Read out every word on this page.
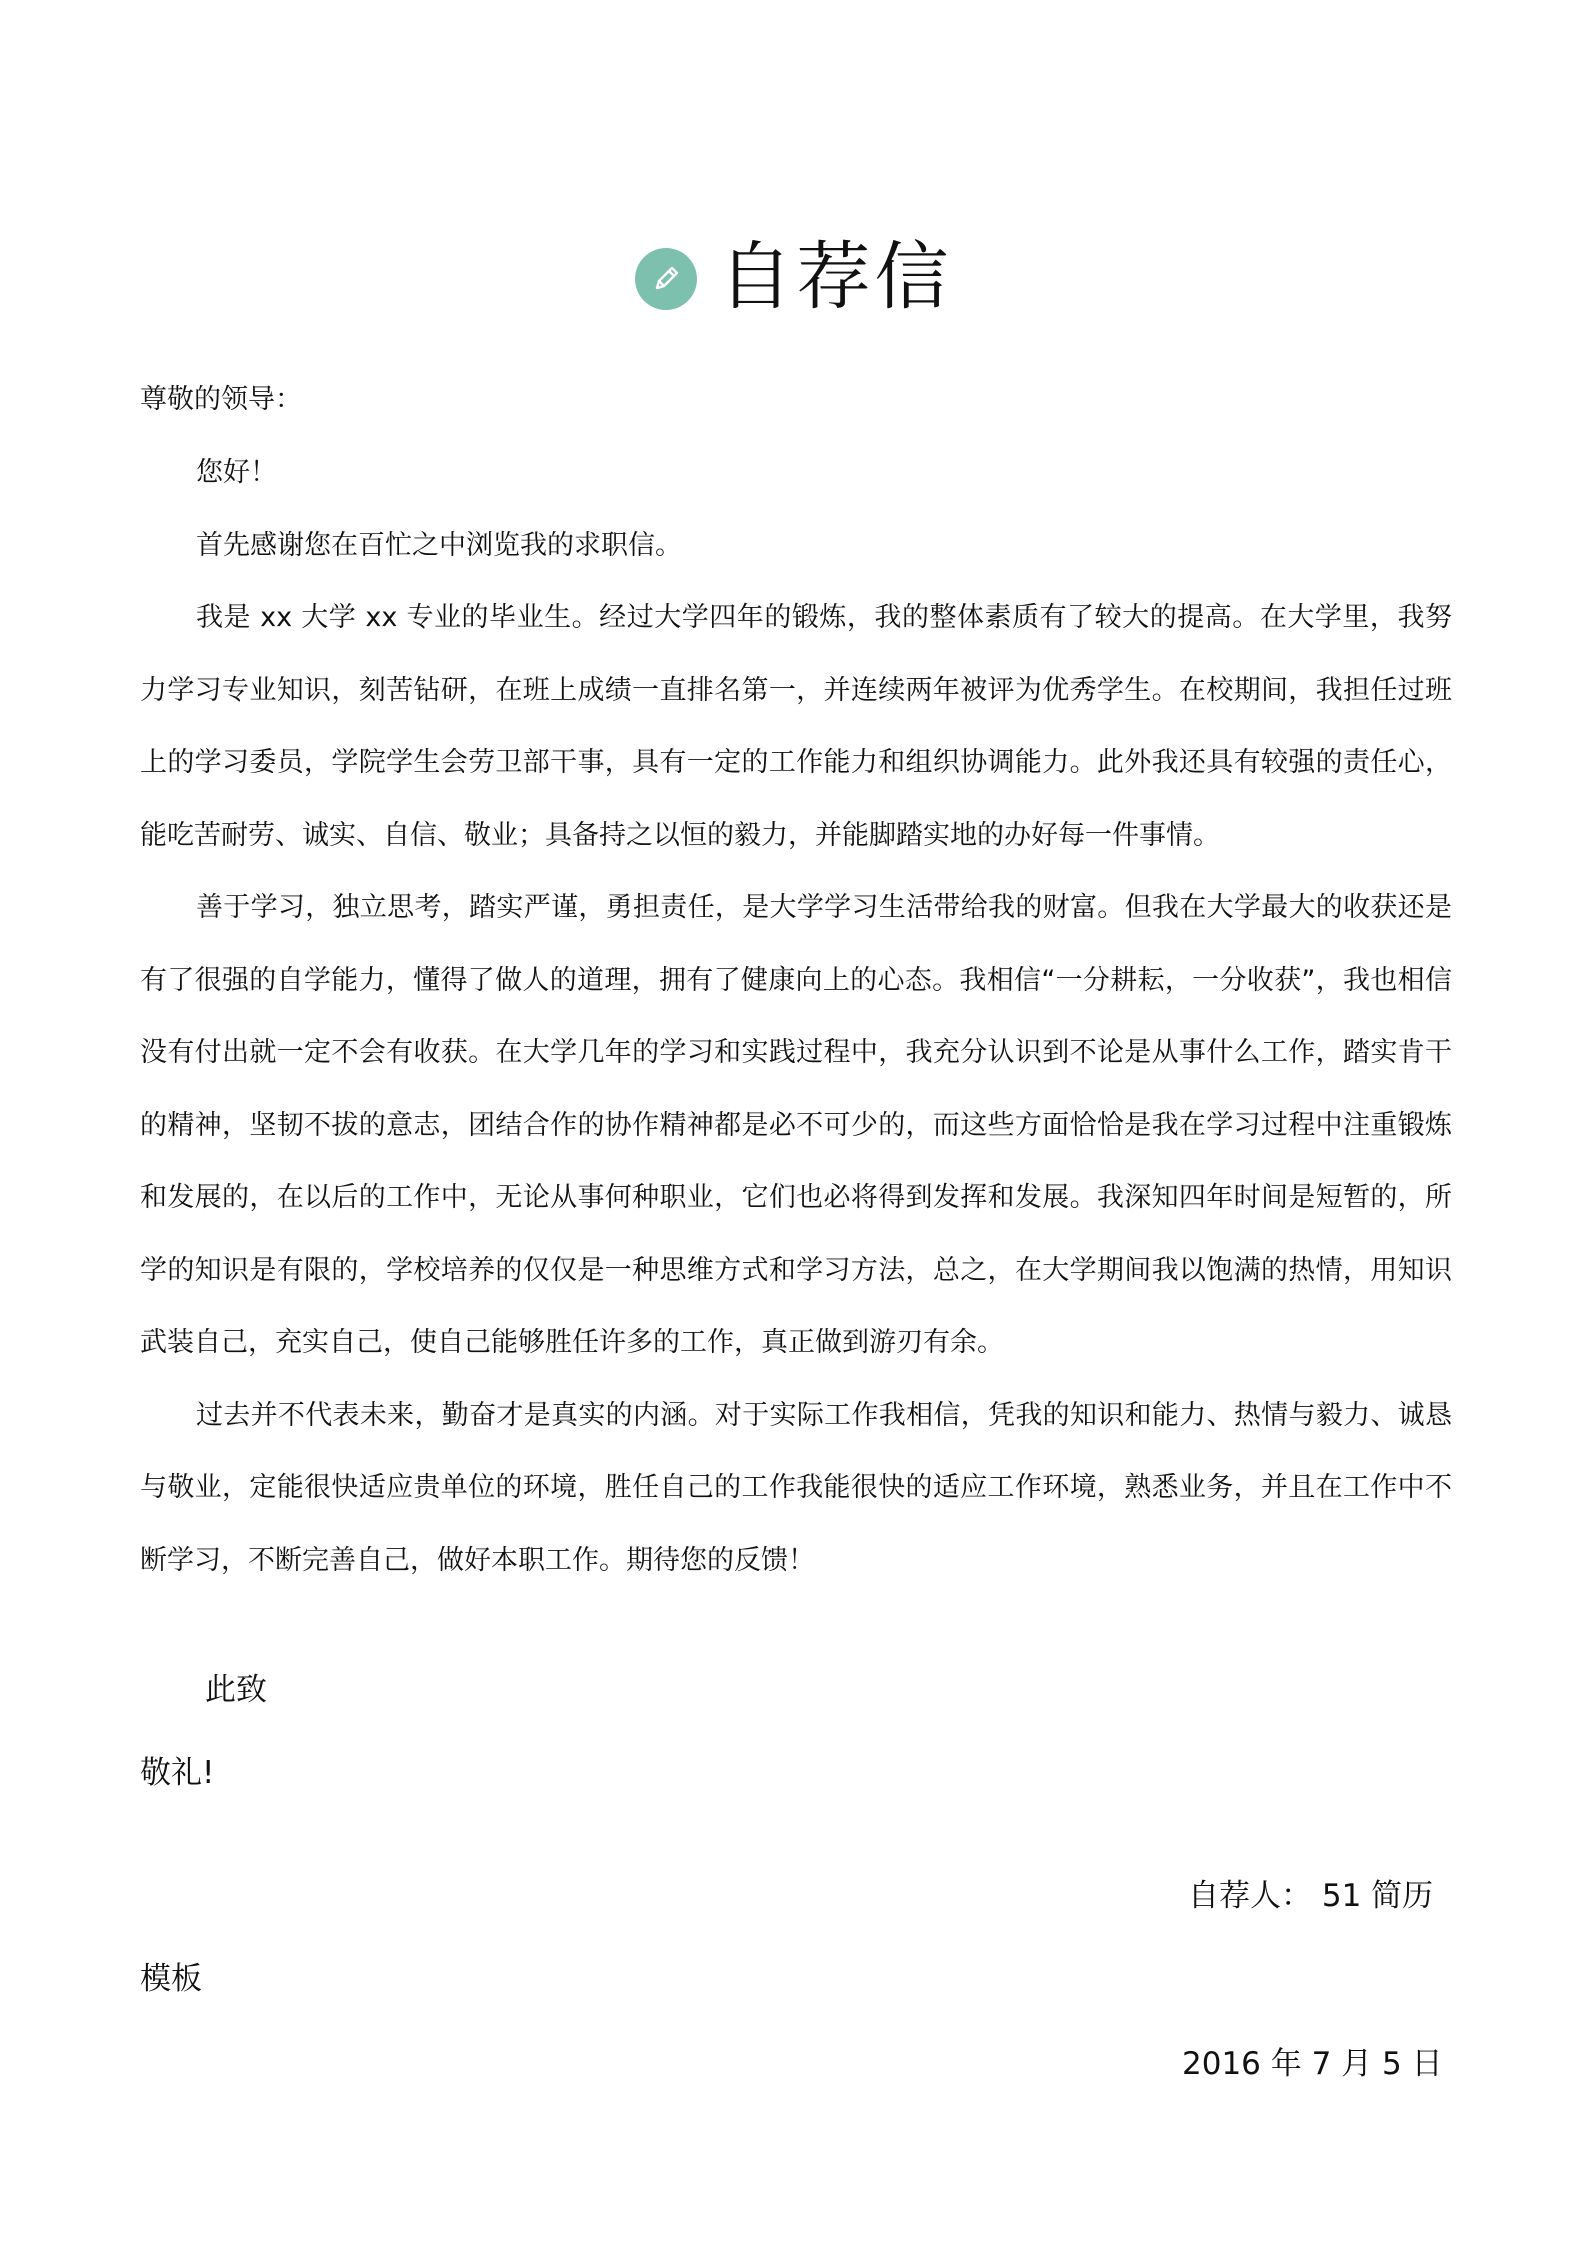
自荐信
尊敬的领导：

您好！

首先感谢您在百忙之中浏览我的求职信。

我是 xx 大学 xx 专业的毕业生。经过大学四年的锻炼，我的整体素质有了较大的提高。在大学里，我努力学习专业知识，刻苦钻研，在班上成绩一直排名第一，并连续两年被评为优秀学生。在校期间，我担任过班上的学习委员，学院学生会劳卫部干事，具有一定的工作能力和组织协调能力。此外我还具有较强的责任心，能吃苦耐劳、诚实、自信、敬业；具备持之以恒的毅力，并能脚踏实地的办好每一件事情。

善于学习，独立思考，踏实严谨，勇担责任，是大学学习生活带给我的财富。但我在大学最大的收获还是有了很强的自学能力，懂得了做人的道理，拥有了健康向上的心态。我相信“一分耕耘，一分收获”，我也相信没有付出就一定不会有收获。在大学几年的学习和实践过程中，我充分认识到不论是从事什么工作，踏实肯干的精神，坚韧不拔的意志，团结合作的协作精神都是必不可少的，而这些方面恰恰是我在学习过程中注重锻炼和发展的，在以后的工作中，无论从事何种职业，它们也必将得到发挥和发展。我深知四年时间是短暂的，所学的知识是有限的，学校培养的仅仅是一种思维方式和学习方法，总之，在大学期间我以饱满的热情，用知识武装自己，充实自己，使自己能够胜任许多的工作，真正做到游刃有余。

过去并不代表未来，勤奋才是真实的内涵。对于实际工作我相信，凭我的知识和能力、热情与毅力、诚恳与敬业，定能很快适应贵单位的环境，胜任自己的工作我能很快的适应工作环境，熟悉业务，并且在工作中不断学习，不断完善自己，做好本职工作。期待您的反馈！

此致
敬礼!
自荐人： 51 简历
模板
2016 年 7 月 5 日
